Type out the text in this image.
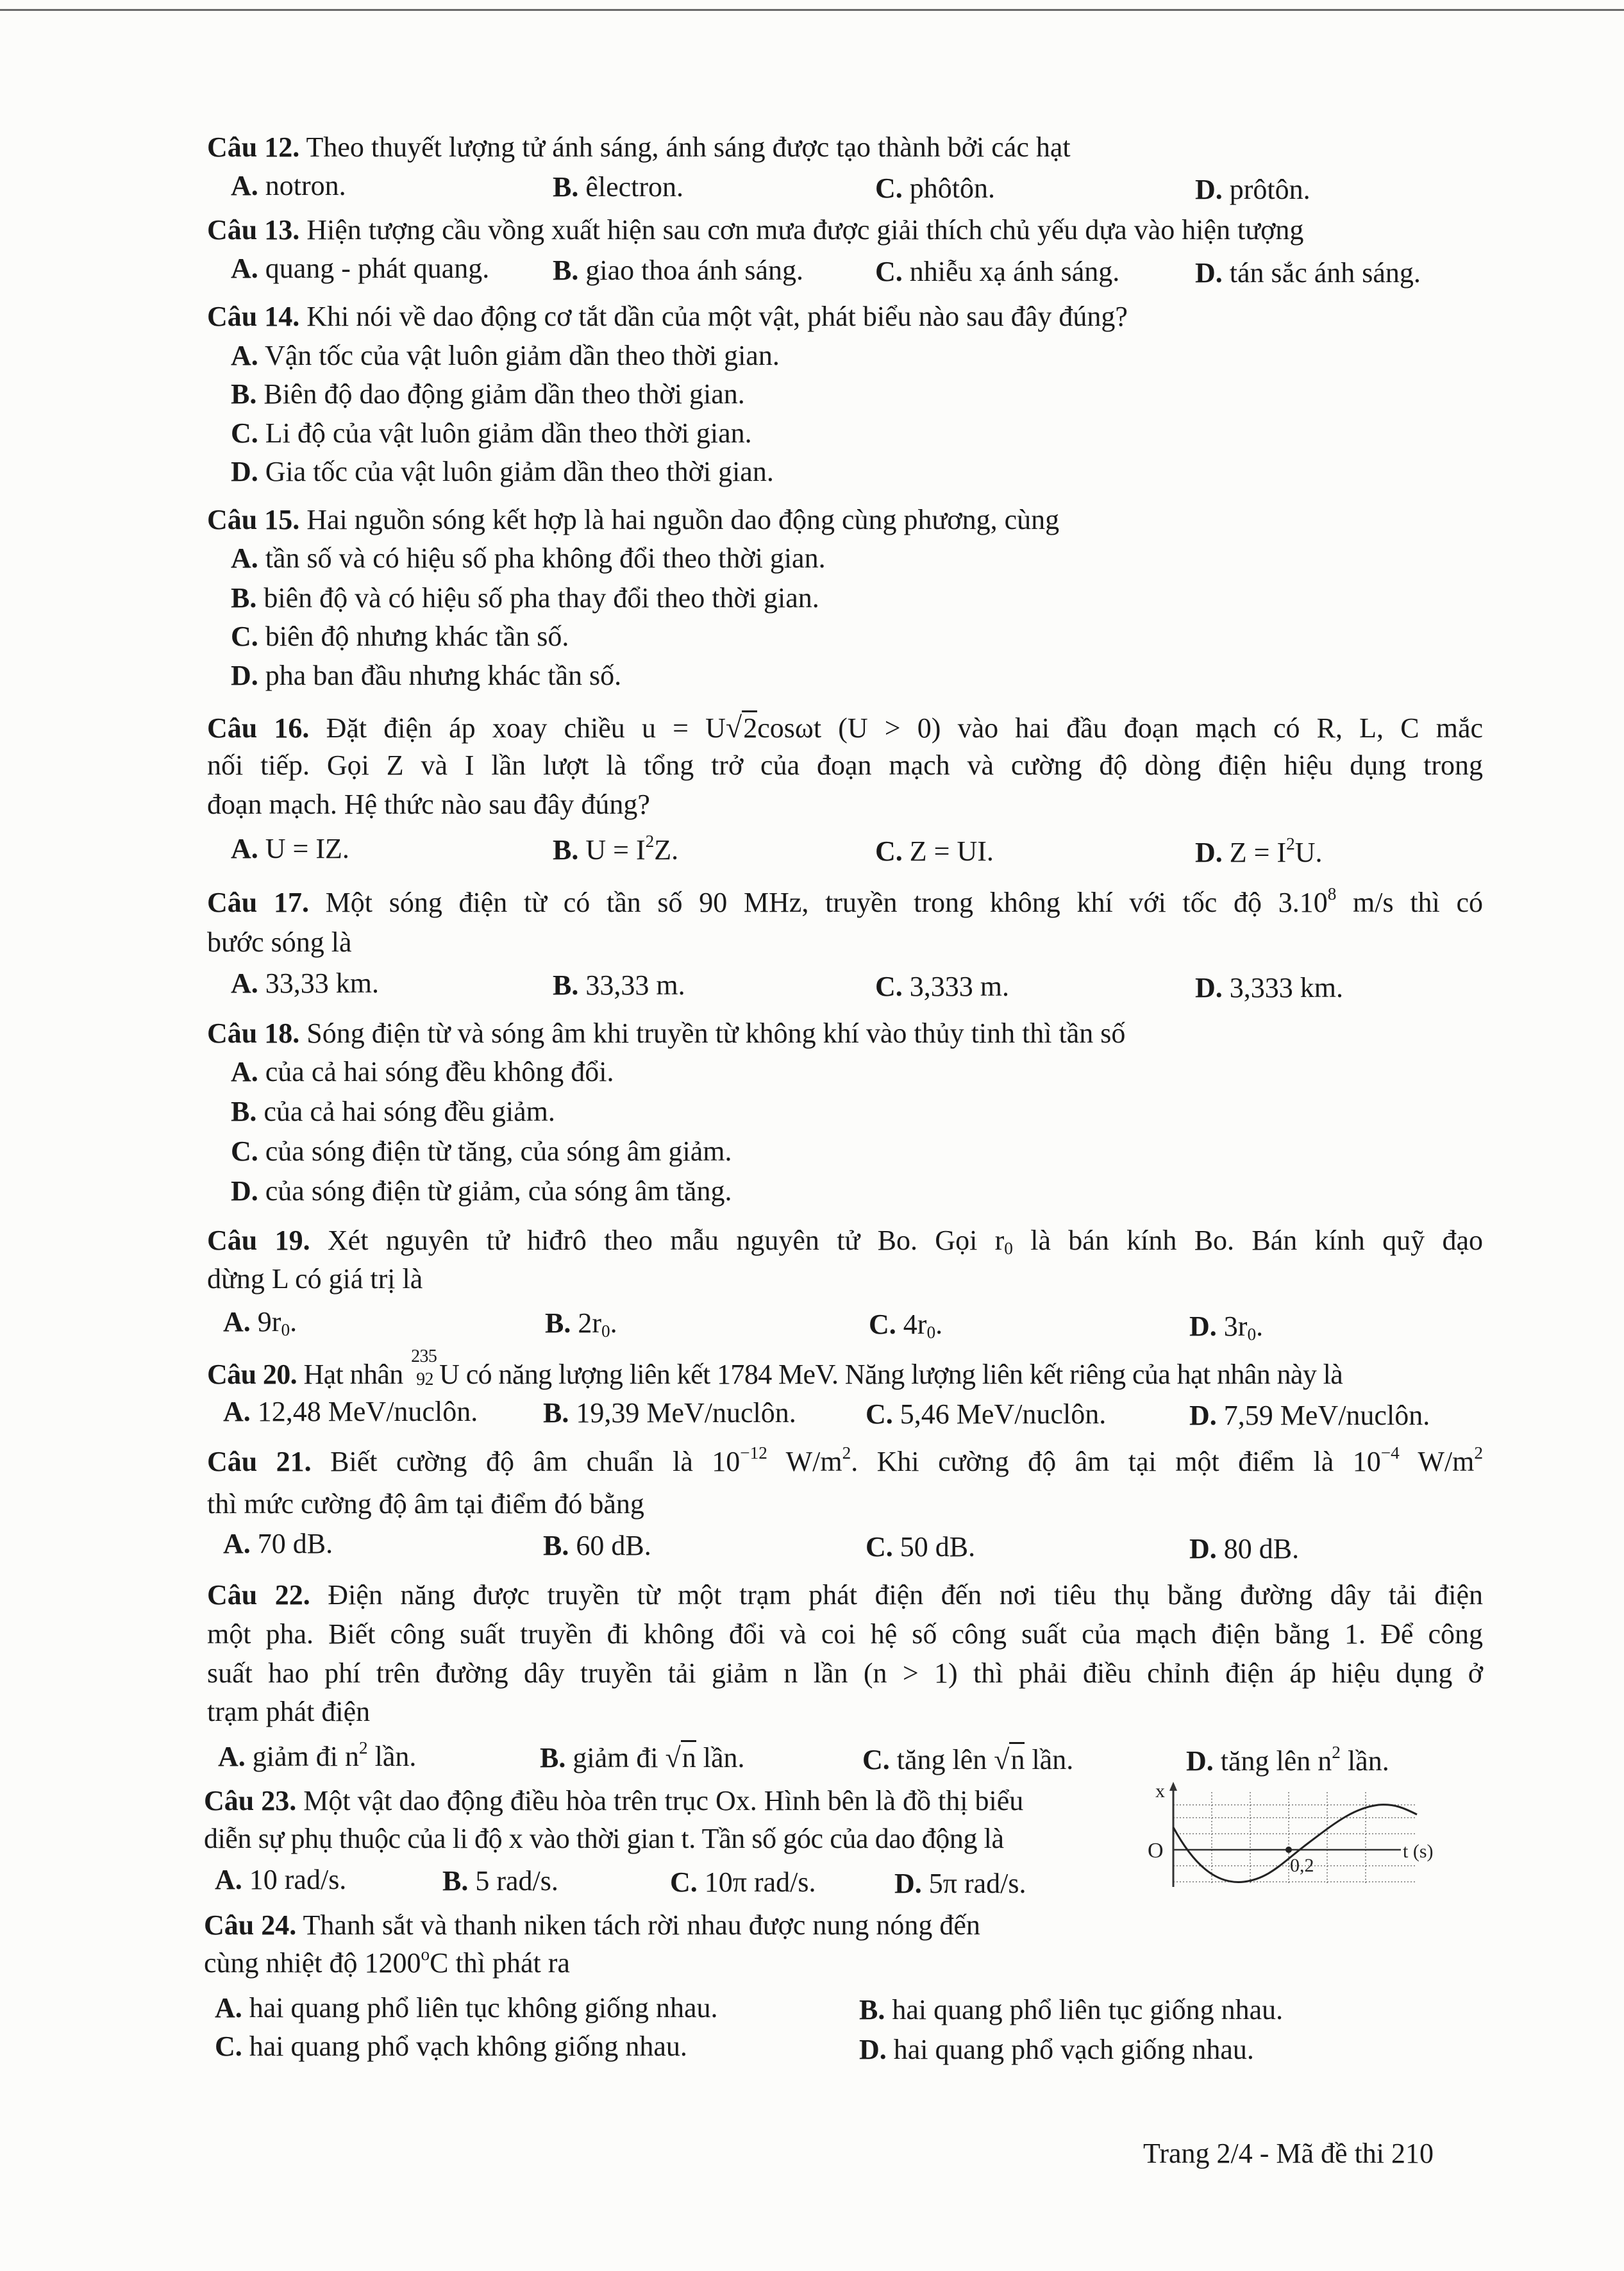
Câu 12. Theo thuyết lượng tử ánh sáng, ánh sáng được tạo thành bởi các hạt
A. notron.	B. êlectron.	C. phôtôn.	D. prôtôn.
Câu 13. Hiện tượng cầu vồng xuất hiện sau cơn mưa được giải thích chủ yếu dựa vào hiện tượng
A. quang - phát quang. B. giao thoa ánh sáng.	C. nhiễu xạ ánh sáng.	D. tán sắc ánh sáng.
Câu 14. Khi nói về dao động cơ tắt dần của một vật, phát biểu nào sau đây đúng?
A. Vận tốc của vật luôn giảm dần theo thời gian.
B. Biên độ dao động giảm dần theo thời gian.
C. Li độ của vật luôn giảm dần theo thời gian.
D. Gia tốc của vật luôn giảm dần theo thời gian.
Câu 15. Hai nguồn sóng kết hợp là hai nguồn dao động cùng phương, cùng
A. tần số và có hiệu số pha không đổi theo thời gian.
B. biên độ và có hiệu số pha thay đổi theo thời gian.
C. biên độ nhưng khác tần số.
D. pha ban đầu nhưng khác tần số.
Câu 16. Đặt điện áp xoay chiều u = U√2cosωt (U > 0) vào hai đầu đoạn mạch có R, L, C mắc
nối tiếp. Gọi Z và I lần lượt là tổng trở của đoạn mạch và cường độ dòng điện hiệu dụng trong
đoạn mạch. Hệ thức nào sau đây đúng?
A. U = IZ.	B. $U = I^2Z$.	C. Z = UI.	D. $Z = I^2U$.
Câu 17. Một sóng điện từ có tần số 90 MHz, truyền trong không khí với tốc độ 3.10$^8$ m/s thì có
bước sóng là
A. 33,33 km.	B. 33,33 m.	C. 3,333 m.	D. 3,333 km.
Câu 18. Sóng điện từ và sóng âm khi truyền từ không khí vào thủy tinh thì tần số
A. của cả hai sóng đều không đổi.
B. của cả hai sóng đều giảm.
C. của sóng điện từ tăng, của sóng âm giảm.
D. của sóng điện từ giảm, của sóng âm tăng.
Câu 19. Xét nguyên tử hiđrô theo mẫu nguyên tử Bo. Gọi $r_0$ là bán kính Bo. Bán kính quỹ đạo
dừng L có giá trị là
A. $9r_0$.	B. $2r_0$.	C. $4r_0$.	D. $3r_0$.
Câu 20. Hạt nhân
235
92 U có năng lượng liên kết 1784 MeV. Năng lượng liên kết riêng của hạt nhân này là
A. 12,48 MeV/nuclôn. B. 19,39 MeV/nuclôn. C. 5,46 MeV/nuclôn.	D. 7,59 MeV/nuclôn.
Câu 21. Biết cường độ âm chuẩn là $10^{-12}$ $W/m^2$. Khi cường độ âm tại một điểm là $10^{-4}$ $W/m^2$
thì mức cường độ âm tại điểm đó bằng
A. 70 dB.	B. 60 dB.	C. 50 dB.	D. 80 dB.
Câu 22. Điện năng được truyền từ một trạm phát điện đến nơi tiêu thụ bằng đường dây tải điện
một pha. Biết công suất truyền đi không đổi và coi hệ số công suất của mạch điện bằng 1. Để công
suất hao phí trên đường dây truyền tải giảm n lần (n > 1) thì phải điều chỉnh điện áp hiệu dụng ở
trạm phát điện
A. giảm đi $n^2$ lần.	B. giảm đi √n lần.	C. tăng lên √n lần.	D. tăng lên $n^2$ lần.
Câu 23. Một vật dao động điều hòa trên trục Ox. Hình bên là đồ thị biểu
diễn sự phụ thuộc của li độ x vào thời gian t. Tần số góc của dao động là
A. 10 rad/s.	B. 5 rad/s.	C. 10π rad/s.	D. 5π rad/s.
x
O
0,2
t (s)
Câu 24. Thanh sắt và thanh niken tách rời nhau được nung nóng đến
cùng nhiệt độ 1200$^o$C thì phát ra
A. hai quang phổ liên tục không giống nhau.	B. hai quang phổ liên tục giống nhau.
C. hai quang phổ vạch không giống nhau.	D. hai quang phổ vạch giống nhau.
Trang 2/4 - Mã đề thi 210
